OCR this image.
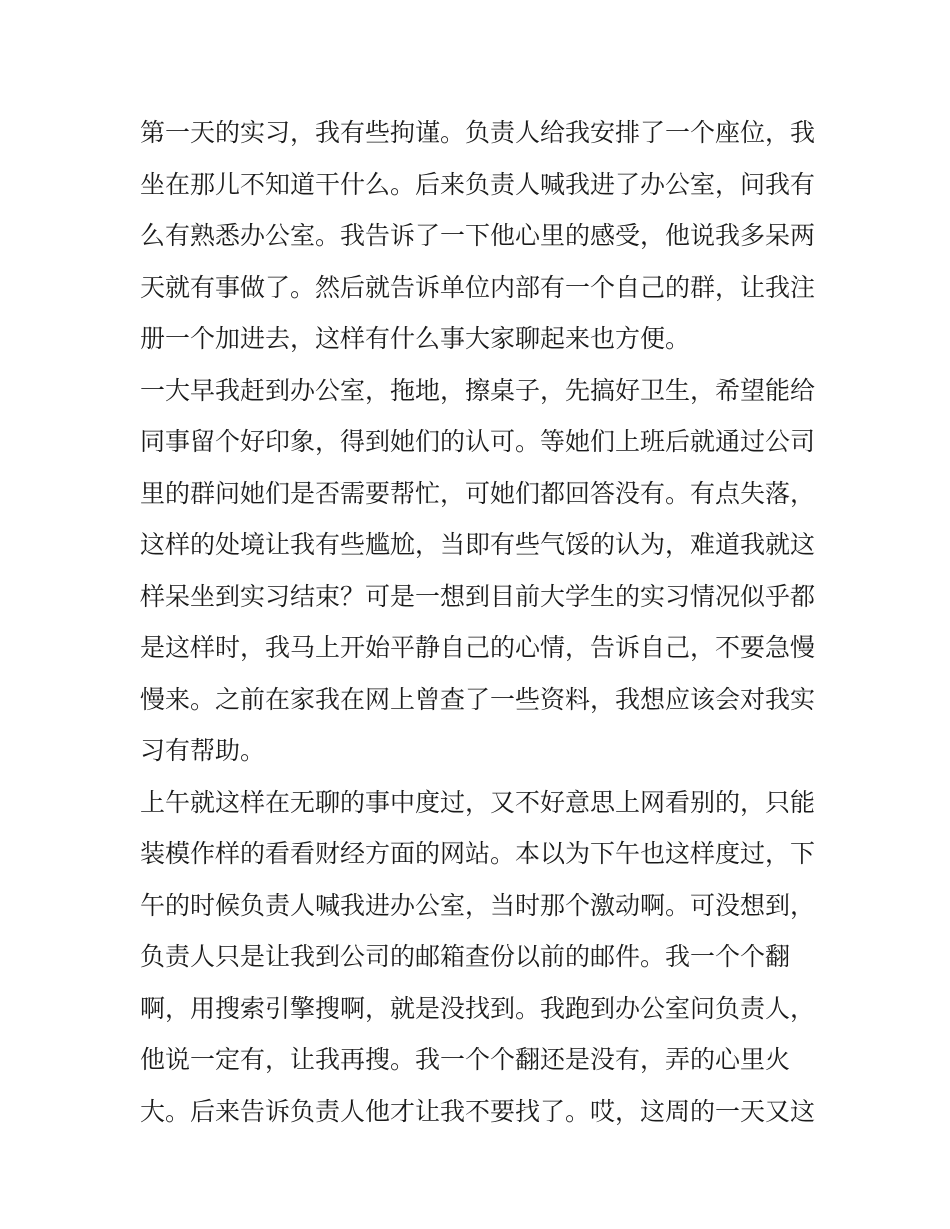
第一天的实习，我有些拘谨。负责人给我安排了一个座位，我
坐在那儿不知道干什么。后来负责人喊我进了办公室，问我有
么有熟悉办公室。我告诉了一下他心里的感受，他说我多呆两
天就有事做了。然后就告诉单位内部有一个自己的群，让我注
册一个加进去，这样有什么事大家聊起来也方便。
一大早我赶到办公室，拖地，擦桌子，先搞好卫生，希望能给
同事留个好印象，得到她们的认可。等她们上班后就通过公司
里的群问她们是否需要帮忙，可她们都回答没有。有点失落，
这样的处境让我有些尴尬，当即有些气馁的认为，难道我就这
样呆坐到实习结束？可是一想到目前大学生的实习情况似乎都
是这样时，我马上开始平静自己的心情，告诉自己，不要急慢
慢来。之前在家我在网上曾查了一些资料，我想应该会对我实
习有帮助。
上午就这样在无聊的事中度过，又不好意思上网看别的，只能
装模作样的看看财经方面的网站。本以为下午也这样度过，下
午的时候负责人喊我进办公室，当时那个激动啊。可没想到，
负责人只是让我到公司的邮箱查份以前的邮件。我一个个翻
啊，用搜索引擎搜啊，就是没找到。我跑到办公室问负责人，
他说一定有，让我再搜。我一个个翻还是没有，弄的心里火
大。后来告诉负责人他才让我不要找了。哎，这周的一天又这
